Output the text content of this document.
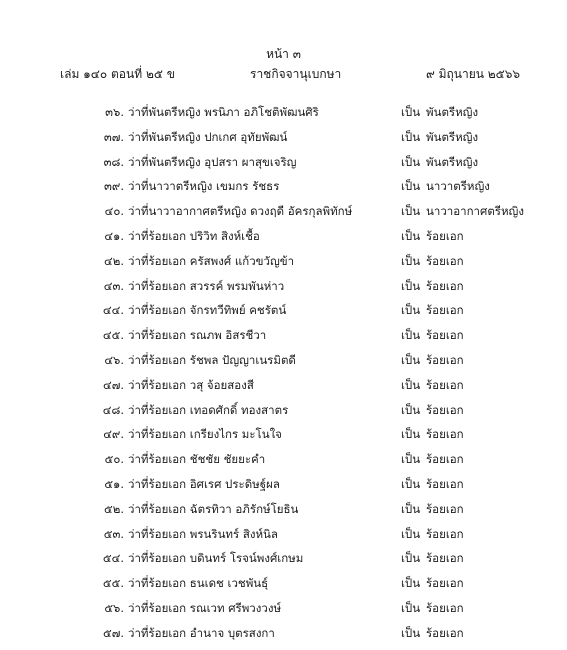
หน้า ๓
เล่ม ๑๔๐ ตอนที่ ๒๕ ข	ราชกิจจานุเบกษา	๙ มิถุนายน ๒๕๖๖
๓๖. ว่าที่พันตรีหญิง พรนิภา อภิโชติพัฒนศิริ	เป็น พันตรีหญิง
๓๗. ว่าที่พันตรีหญิง ปกเกศ อุทัยพัฒน์	เป็น พันตรีหญิง
๓๘. ว่าที่พันตรีหญิง อุปสรา ผาสุขเจริญ	เป็น พันตรีหญิง
๓๙. ว่าที่นาวาตรีหญิง เขมกร รัชธร	เป็น นาวาตรีหญิง
๔๐. ว่าที่นาวาอากาศตรีหญิง ดวงฤดี อัครกุลพิทักษ์	เป็น นาวาอากาศตรีหญิง
๔๑. ว่าที่ร้อยเอก ปริวิท สิงห์เชื้อ	เป็น ร้อยเอก
๔๒. ว่าที่ร้อยเอก ครัสพงศ์ แก้วขวัญข้า	เป็น ร้อยเอก
๔๓. ว่าที่ร้อยเอก สวรรค์ พรมพันห่าว	เป็น ร้อยเอก
๔๔. ว่าที่ร้อยเอก จักรทวีทิพย์ คชรัตน์	เป็น ร้อยเอก
๔๕. ว่าที่ร้อยเอก รณภพ อิสรชีวา	เป็น ร้อยเอก
๔๖. ว่าที่ร้อยเอก รัชพล ปัญญาเนรมิตดี	เป็น ร้อยเอก
๔๗. ว่าที่ร้อยเอก วสุ จ้อยสองสี	เป็น ร้อยเอก
๔๘. ว่าที่ร้อยเอก เทอดศักดิ์ ทองสาตร	เป็น ร้อยเอก
๔๙. ว่าที่ร้อยเอก เกรียงไกร มะโนใจ	เป็น ร้อยเอก
๕๐. ว่าที่ร้อยเอก ชัชชัย ชัยยะคำ	เป็น ร้อยเอก
๕๑. ว่าที่ร้อยเอก อิศเรศ ประดิษฐ์ผล	เป็น ร้อยเอก
๕๒. ว่าที่ร้อยเอก ฉัตรทิวา อภิรักษ์โยธิน	เป็น ร้อยเอก
๕๓. ว่าที่ร้อยเอก พรนรินทร์ สิงห์นิล	เป็น ร้อยเอก
๕๔. ว่าที่ร้อยเอก บดินทร์ โรจน์พงศ์เกษม	เป็น ร้อยเอก
๕๕. ว่าที่ร้อยเอก ธนเดช เวชพันธุ์	เป็น ร้อยเอก
๕๖. ว่าที่ร้อยเอก รณเวท ศรีพวงวงษ์	เป็น ร้อยเอก
๕๗. ว่าที่ร้อยเอก อำนาจ บุตรสงกา	เป็น ร้อยเอก
